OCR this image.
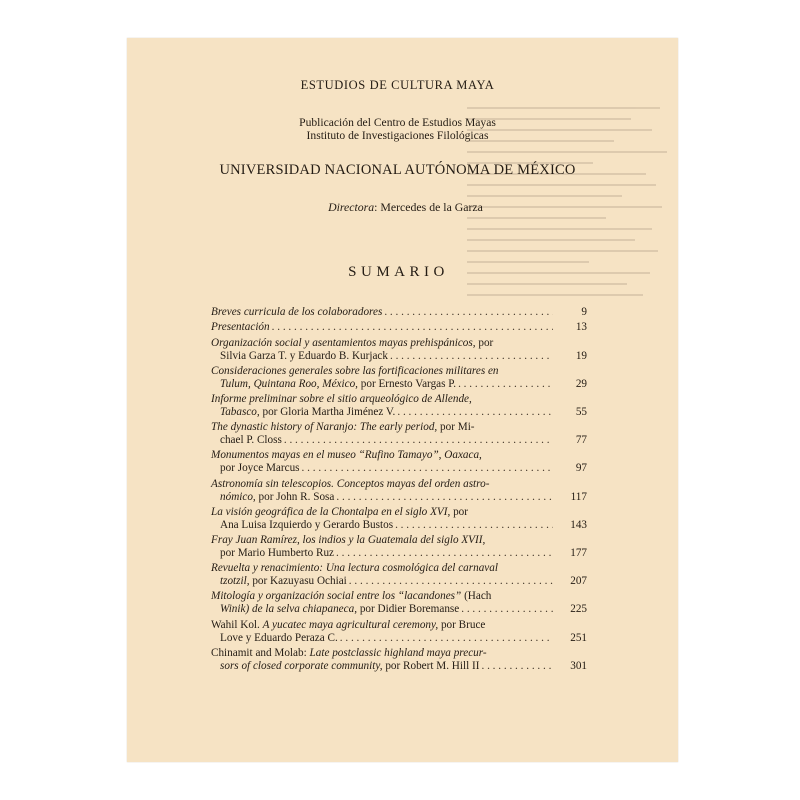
ESTUDIOS DE CULTURA MAYA
Publicación del Centro de Estudios Mayas
Instituto de Investigaciones Filológicas
UNIVERSIDAD NACIONAL AUTÓNOMA DE MÉXICO
Directora: Mercedes de la Garza
SUMARIO
Breves curricula de los colaboradores . . .	9
Presentación . . .	13
Organización social y asentamientos mayas prehispánicos, por
Silvia Garza T. y Eduardo B. Kurjack . . .	19
Consideraciones generales sobre las fortificaciones militares en
Tulum, Quintana Roo, México, por Ernesto Vargas P. . . .	29
Informe preliminar sobre el sitio arqueológico de Allende,
Tabasco, por Gloria Martha Jiménez V. . . .	55
The dynastic history of Naranjo: The early period, por Mi-
chael P. Closs . . .	77
Monumentos mayas en el museo “Rufino Tamayo”, Oaxaca,
por Joyce Marcus . . .	97
Astronomía sin telescopios. Conceptos mayas del orden astro-
nómico, por John R. Sosa . . .	117
La visión geográfica de la Chontalpa en el siglo XVI, por
Ana Luisa Izquierdo y Gerardo Bustos . . .	143
Fray Juan Ramírez, los indios y la Guatemala del siglo XVII,
por Mario Humberto Ruz . . .	177
Revuelta y renacimiento: Una lectura cosmológica del carnaval
tzotzil, por Kazuyasu Ochiai . . .	207
Mitología y organización social entre los “lacandones” (Hach
Winik) de la selva chiapaneca, por Didier Boremanse . . .	225
Wahil Kol. A yucatec maya agricultural ceremony, por Bruce
Love y Eduardo Peraza C. . . .	251
Chinamit and Molab: Late postclassic highland maya precur-
sors of closed corporate community, por Robert M. Hill II . . .	301
